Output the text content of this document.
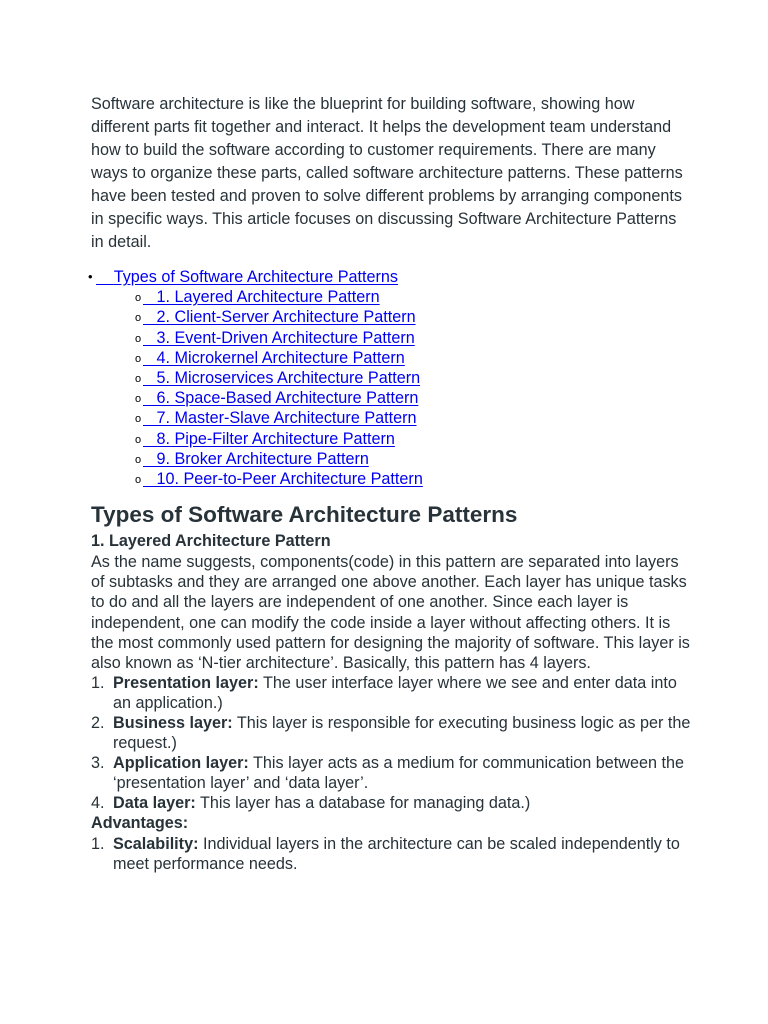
Software architecture is like the blueprint for building software, showing how different parts fit together and interact. It helps the development team understand how to build the software according to customer requirements. There are many ways to organize these parts, called software architecture patterns. These patterns have been tested and proven to solve different problems by arranging components in specific ways. This article focuses on discussing Software Architecture Patterns in detail.

• Types of Software Architecture Patterns
o 1. Layered Architecture Pattern
o 2. Client-Server Architecture Pattern
o 3. Event-Driven Architecture Pattern
o 4. Microkernel Architecture Pattern
o 5. Microservices Architecture Pattern
o 6. Space-Based Architecture Pattern
o 7. Master-Slave Architecture Pattern
o 8. Pipe-Filter Architecture Pattern
o 9. Broker Architecture Pattern
o 10. Peer-to-Peer Architecture Pattern
Types of Software Architecture Patterns
1. Layered Architecture Pattern

As the name suggests, components(code) in this pattern are separated into layers of subtasks and they are arranged one above another. Each layer has unique tasks to do and all the layers are independent of one another. Since each layer is independent, one can modify the code inside a layer without affecting others. It is the most commonly used pattern for designing the majority of software. This layer is also known as ‘N-tier architecture’. Basically, this pattern has 4 layers.

1. Presentation layer: The user interface layer where we see and enter data into an application.)
2. Business layer: This layer is responsible for executing business logic as per the request.)
3. Application layer: This layer acts as a medium for communication between the ‘presentation layer’ and ‘data layer’.
4. Data layer: This layer has a database for managing data.)

Advantages:

1. Scalability: Individual layers in the architecture can be scaled independently to meet performance needs.
